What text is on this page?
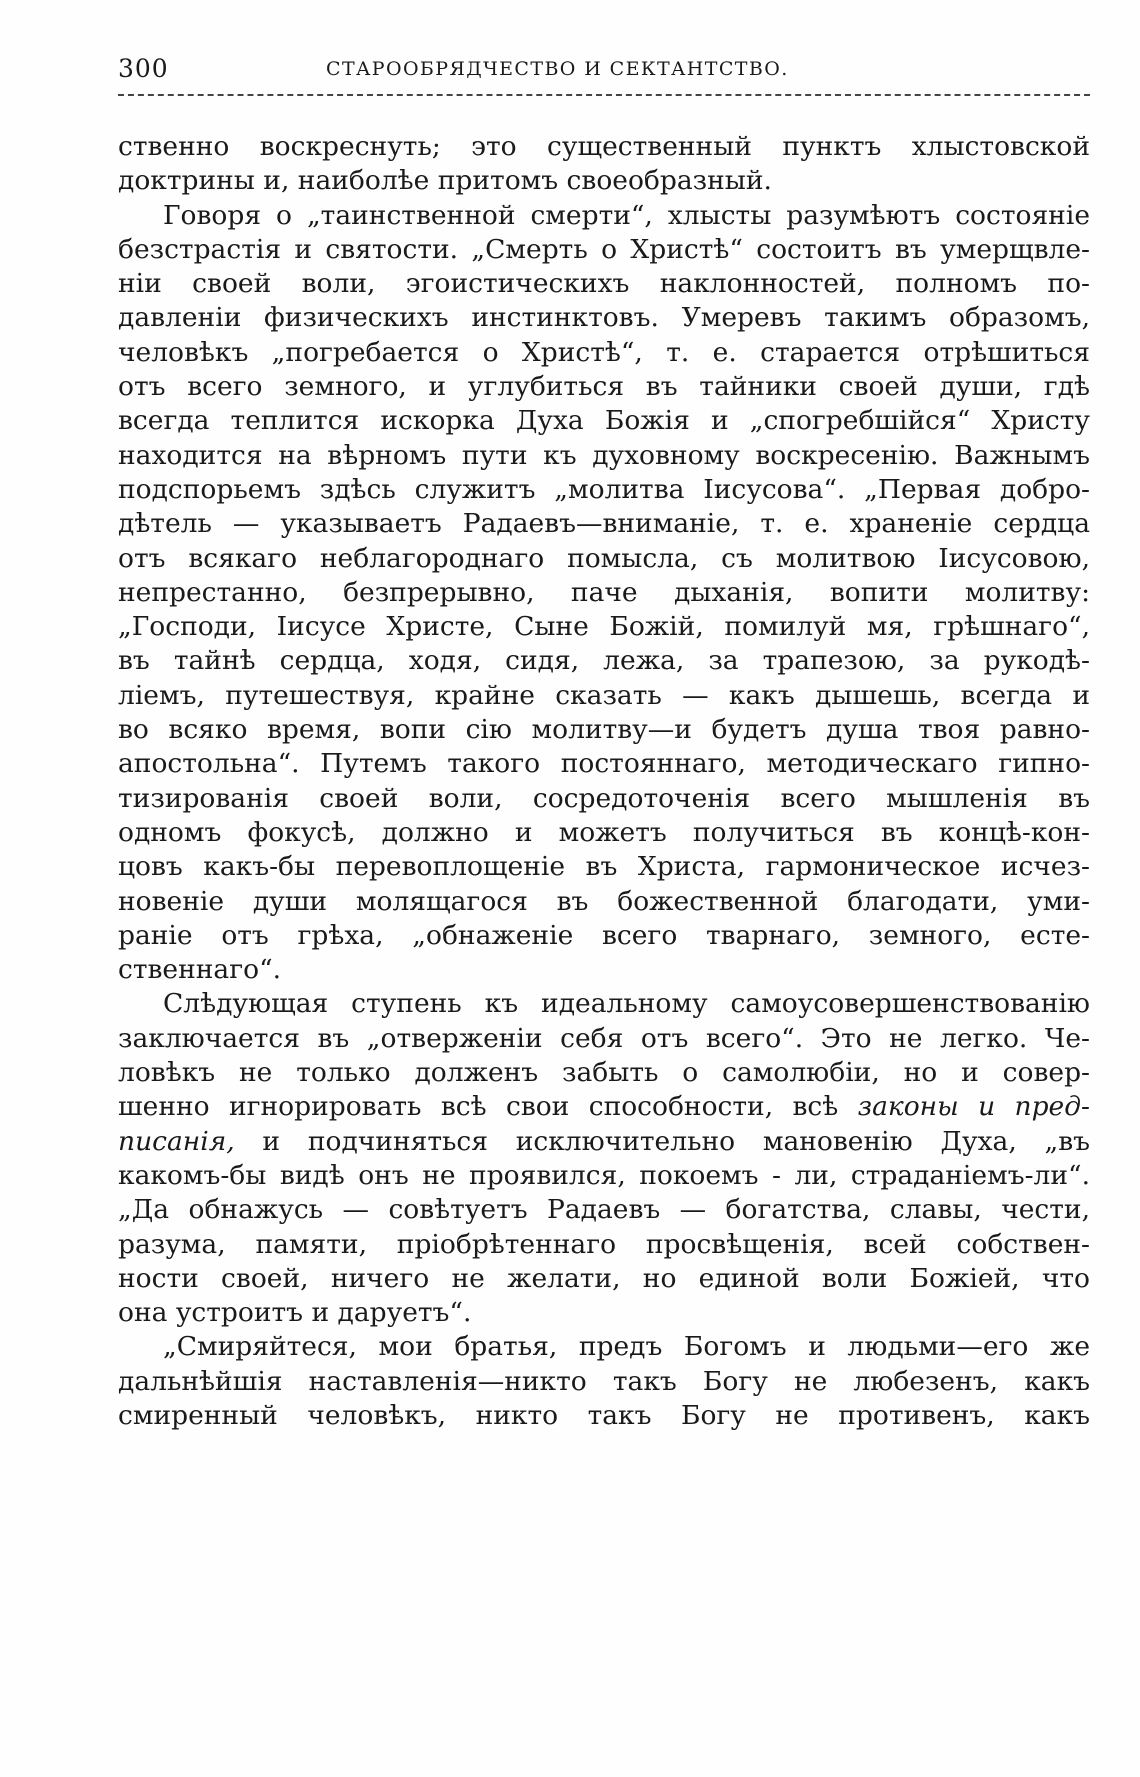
300	СТАРООБРЯДЧЕСТВО И СЕКТАНТСТВО.
ственно воскреснуть; это существенный пунктъ хлыстовской
доктрины и, наиболѣе притомъ своеобразный.
Говоря о „таинственной смерти“, хлысты разумѣютъ состояніе
безстрастія и святости. „Смерть о Христѣ“ состоитъ въ умерщвле-
ніи своей воли, эгоистическихъ наклонностей, полномъ по-
давленіи физическихъ инстинктовъ. Умеревъ такимъ образомъ,
человѣкъ „погребается о Христѣ“, т. е. старается отрѣшиться
отъ всего земного, и углубиться въ тайники своей души, гдѣ
всегда теплится искорка Духа Божія и „спогребшійся“ Христу
находится на вѣрномъ пути къ духовному воскресенію. Важнымъ
подспорьемъ здѣсь служитъ „молитва Іисусова“. „Первая добро-
дѣтель — указываетъ Радаевъ—вниманіе, т. е. храненіе сердца
отъ всякаго неблагороднаго помысла, съ молитвою Іисусовою,
непрестанно, безпрерывно, паче дыханія, вопити молитву:
„Господи, Іисусе Христе, Сыне Божій, помилуй мя, грѣшнаго“,
въ тайнѣ сердца, ходя, сидя, лежа, за трапезою, за рукодѣ-
ліемъ, путешествуя, крайне сказать — какъ дышешь, всегда и
во всяко время, вопи сію молитву—и будетъ душа твоя равно-
апостольна“. Путемъ такого постояннаго, методическаго гипно-
тизированія своей воли, сосредоточенія всего мышленія въ
одномъ фокусѣ, должно и можетъ получиться въ концѣ-кон-
цовъ какъ-бы перевоплощеніе въ Христа, гармоническое исчез-
новеніе души молящагося въ божественной благодати, уми-
раніе отъ грѣха, „обнаженіе всего тварнаго, земного, есте-
ственнаго“.
Слѣдующая ступень къ идеальному самоусовершенствованію
заключается въ „отверженіи себя отъ всего“. Это не легко. Че-
ловѣкъ не только долженъ забыть о самолюбіи, но и совер-
шенно игнорировать всѣ свои способности, всѣ законы и пред-
писанія, и подчиняться исключительно мановенію Духа, „въ
какомъ-бы видѣ онъ не проявился, покоемъ - ли, страданіемъ-ли“.
„Да обнажусь — совѣтуетъ Радаевъ — богатства, славы, чести,
разума, памяти, пріобрѣтеннаго просвѣщенія, всей собствен-
ности своей, ничего не желати, но единой воли Божіей, что
она устроитъ и даруетъ“.
„Смиряйтеся, мои братья, предъ Богомъ и людьми—его же
дальнѣйшія наставленія—никто такъ Богу не любезенъ, какъ
смиренный человѣкъ, никто такъ Богу не противенъ, какъ
